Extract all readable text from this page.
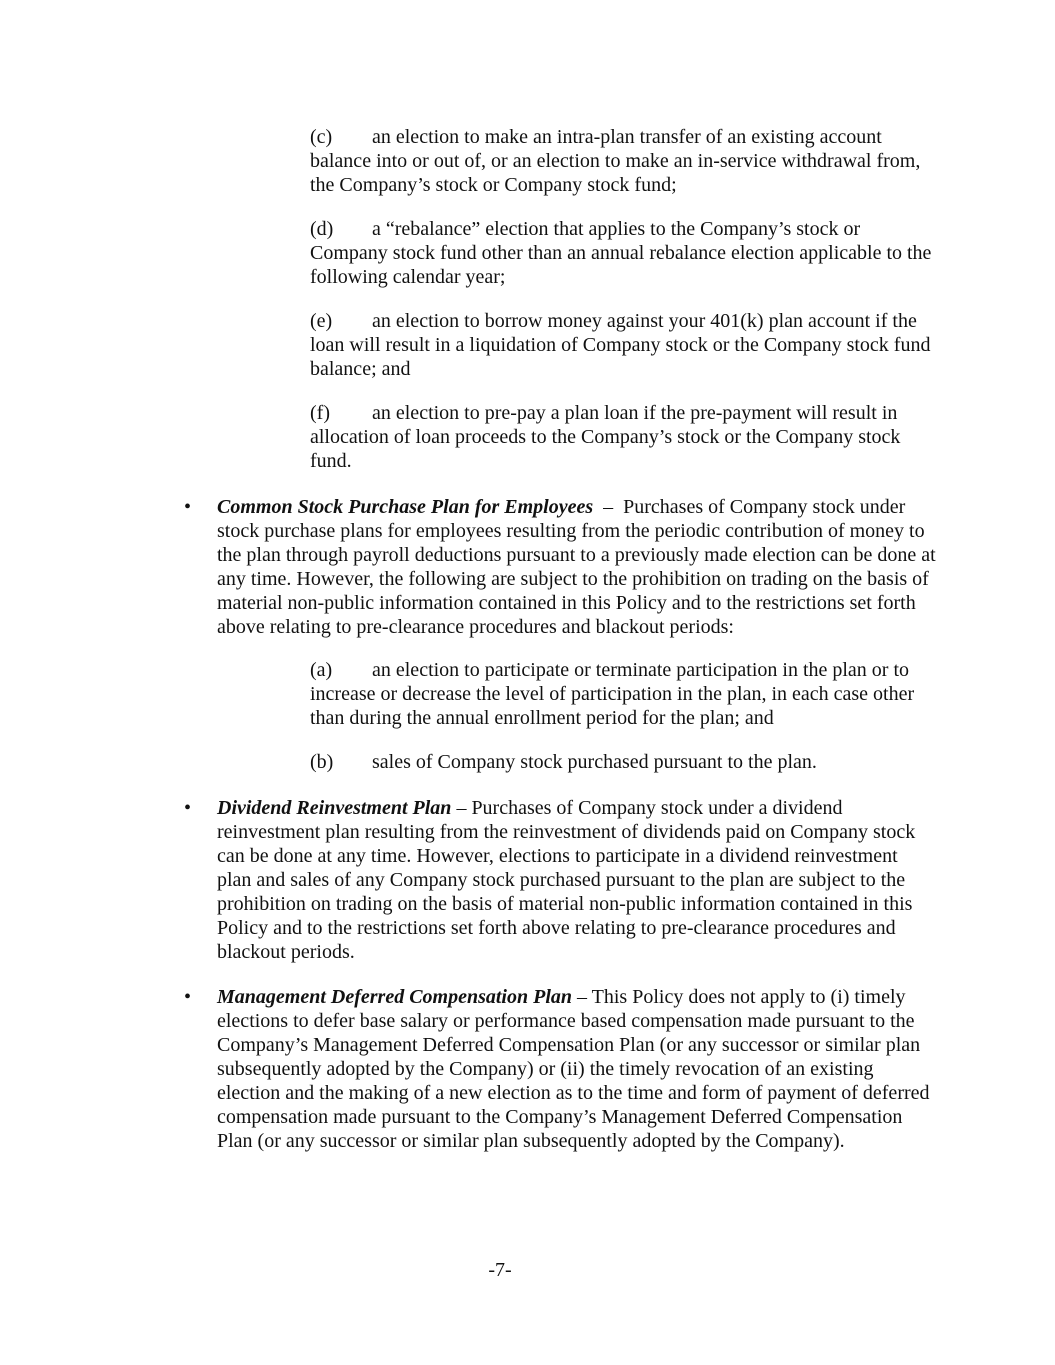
(c) an election to make an intra-plan transfer of an existing account balance into or out of, or an election to make an in-service withdrawal from, the Company’s stock or Company stock fund;

(d) a “rebalance” election that applies to the Company’s stock or Company stock fund other than an annual rebalance election applicable to the following calendar year;

(e) an election to borrow money against your 401(k) plan account if the loan will result in a liquidation of Company stock or the Company stock fund balance; and

(f) an election to pre-pay a plan loan if the pre-payment will result in allocation of loan proceeds to the Company’s stock or the Company stock fund.

• Common Stock Purchase Plan for Employees  –  Purchases of Company stock under stock purchase plans for employees resulting from the periodic contribution of money to the plan through payroll deductions pursuant to a previously made election can be done at any time. However, the following are subject to the prohibition on trading on the basis of material non-public information contained in this Policy and to the restrictions set forth above relating to pre-clearance procedures and blackout periods:

(a) an election to participate or terminate participation in the plan or to increase or decrease the level of participation in the plan, in each case other than during the annual enrollment period for the plan; and

(b) sales of Company stock purchased pursuant to the plan.

• Dividend Reinvestment Plan – Purchases of Company stock under a dividend reinvestment plan resulting from the reinvestment of dividends paid on Company stock can be done at any time. However, elections to participate in a dividend reinvestment plan and sales of any Company stock purchased pursuant to the plan are subject to the prohibition on trading on the basis of material non-public information contained in this Policy and to the restrictions set forth above relating to pre-clearance procedures and blackout periods.

• Management Deferred Compensation Plan – This Policy does not apply to (i) timely elections to defer base salary or performance based compensation made pursuant to the Company’s Management Deferred Compensation Plan (or any successor or similar plan subsequently adopted by the Company) or (ii) the timely revocation of an existing election and the making of a new election as to the time and form of payment of deferred compensation made pursuant to the Company’s Management Deferred Compensation Plan (or any successor or similar plan subsequently adopted by the Company).

-7-
